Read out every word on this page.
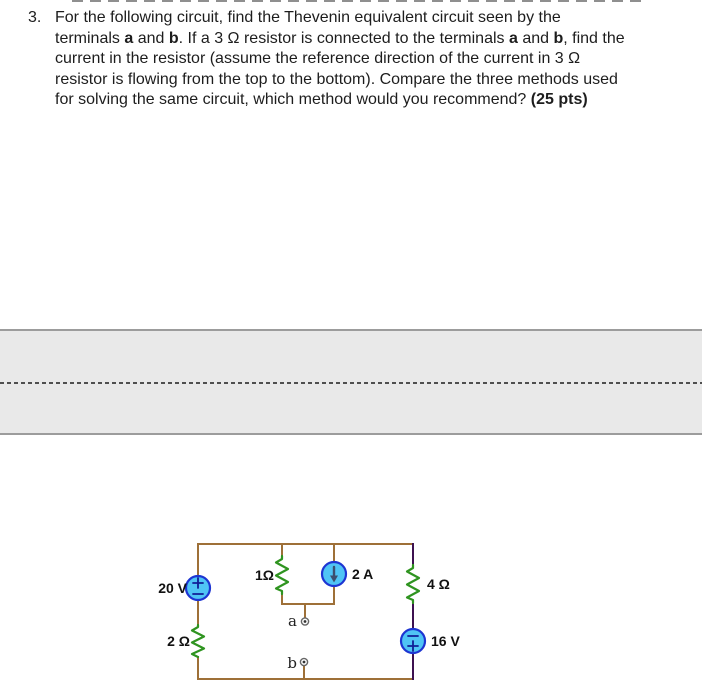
3. For the following circuit, find the Thevenin equivalent circuit seen by the
terminals a and b. If a 3 Ω resistor is connected to the terminals a and b, find the
current in the resistor (assume the reference direction of the current in 3 Ω
resistor is flowing from the top to the bottom). Compare the three methods used
for solving the same circuit, which method would you recommend? (25 pts)
20 V
2 Ω
1Ω	2 A
4 Ω
16 V
a
b
